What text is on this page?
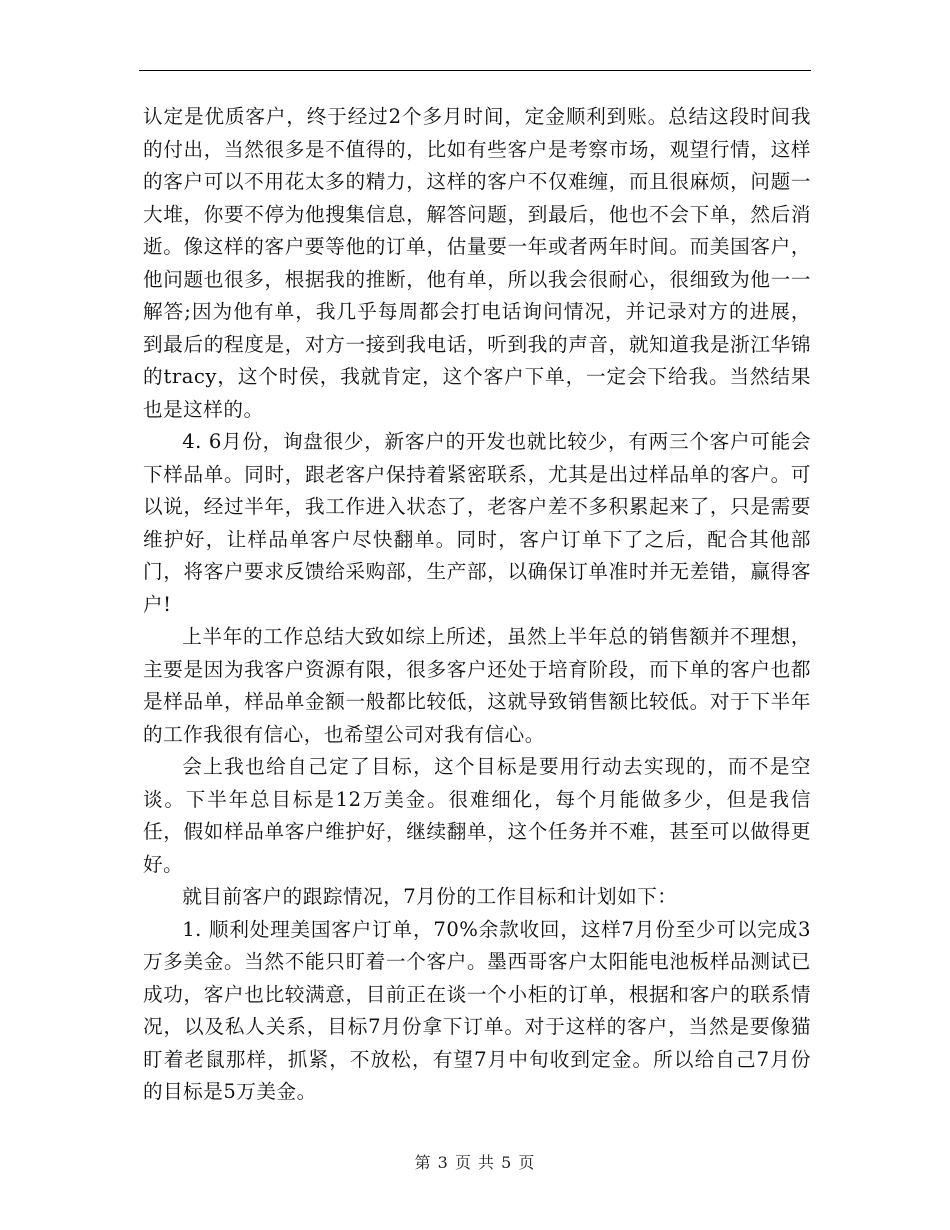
认定是优质客户，终于经过2个多月时间，定金顺利到账。总结这段时间我的付出，当然很多是不值得的，比如有些客户是考察市场，观望行情，这样的客户可以不用花太多的精力，这样的客户不仅难缠，而且很麻烦，问题一大堆，你要不停为他搜集信息，解答问题，到最后，他也不会下单，然后消逝。像这样的客户要等他的订单，估量要一年或者两年时间。而美国客户，他问题也很多，根据我的推断，他有单，所以我会很耐心，很细致为他一一解答;因为他有单，我几乎每周都会打电话询问情况，并记录对方的进展，到最后的程度是，对方一接到我电话，听到我的声音，就知道我是浙江华锦的tracy，这个时侯，我就肯定，这个客户下单，一定会下给我。当然结果也是这样的。

4. 6月份，询盘很少，新客户的开发也就比较少，有两三个客户可能会下样品单。同时，跟老客户保持着紧密联系，尤其是出过样品单的客户。可以说，经过半年，我工作进入状态了，老客户差不多积累起来了，只是需要维护好，让样品单客户尽快翻单。同时，客户订单下了之后，配合其他部门，将客户要求反馈给采购部，生产部，以确保订单准时并无差错，赢得客户!

上半年的工作总结大致如综上所述，虽然上半年总的销售额并不理想，主要是因为我客户资源有限，很多客户还处于培育阶段，而下单的客户也都是样品单，样品单金额一般都比较低，这就导致销售额比较低。对于下半年的工作我很有信心，也希望公司对我有信心。

会上我也给自己定了目标，这个目标是要用行动去实现的，而不是空谈。下半年总目标是12万美金。很难细化，每个月能做多少，但是我信任，假如样品单客户维护好，继续翻单，这个任务并不难，甚至可以做得更好。

就目前客户的跟踪情况，7月份的工作目标和计划如下：

1. 顺利处理美国客户订单，70%余款收回，这样7月份至少可以完成3万多美金。当然不能只盯着一个客户。墨西哥客户太阳能电池板样品测试已成功，客户也比较满意，目前正在谈一个小柜的订单，根据和客户的联系情况，以及私人关系，目标7月份拿下订单。对于这样的客户，当然是要像猫盯着老鼠那样，抓紧，不放松，有望7月中旬收到定金。所以给自己7月份的目标是5万美金。

第 3 页 共 5 页
